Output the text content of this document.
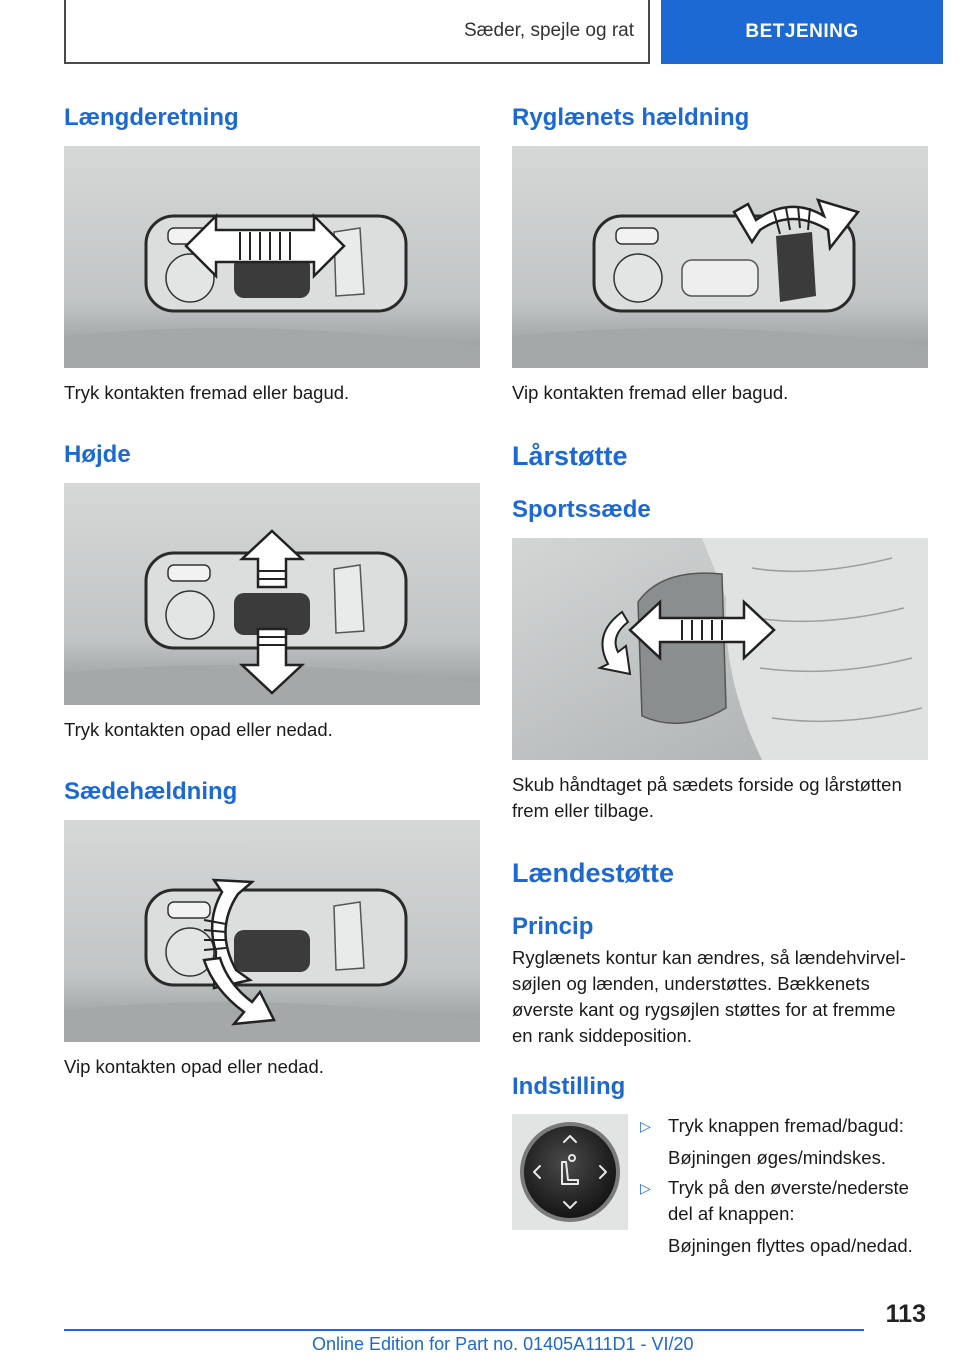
Sæder, spejle og rat	BETJENING
Længderetning
Tryk kontakten fremad eller bagud.
Højde
Tryk kontakten opad eller nedad.
Sædehældning
Vip kontakten opad eller nedad.
Ryglænets hældning
Vip kontakten fremad eller bagud.
Lårstøtte
Sportssæde
Skub håndtaget på sædets forside og lårstøtten
frem eller tilbage.
Lændestøtte
Princip
Ryglænets kontur kan ændres, så lændehvirvel-
søjlen og lænden, understøttes. Bækkenets
øverste kant og rygsøjlen støttes for at fremme
en rank siddeposition.
Indstilling
▷ Tryk knappen fremad/bagud:
Bøjningen øges/mindskes.
▷ Tryk på den øverste/nederste
del af knappen:
Bøjningen flyttes opad/nedad.
113
Online Edition for Part no. 01405A111D1 - VI/20
